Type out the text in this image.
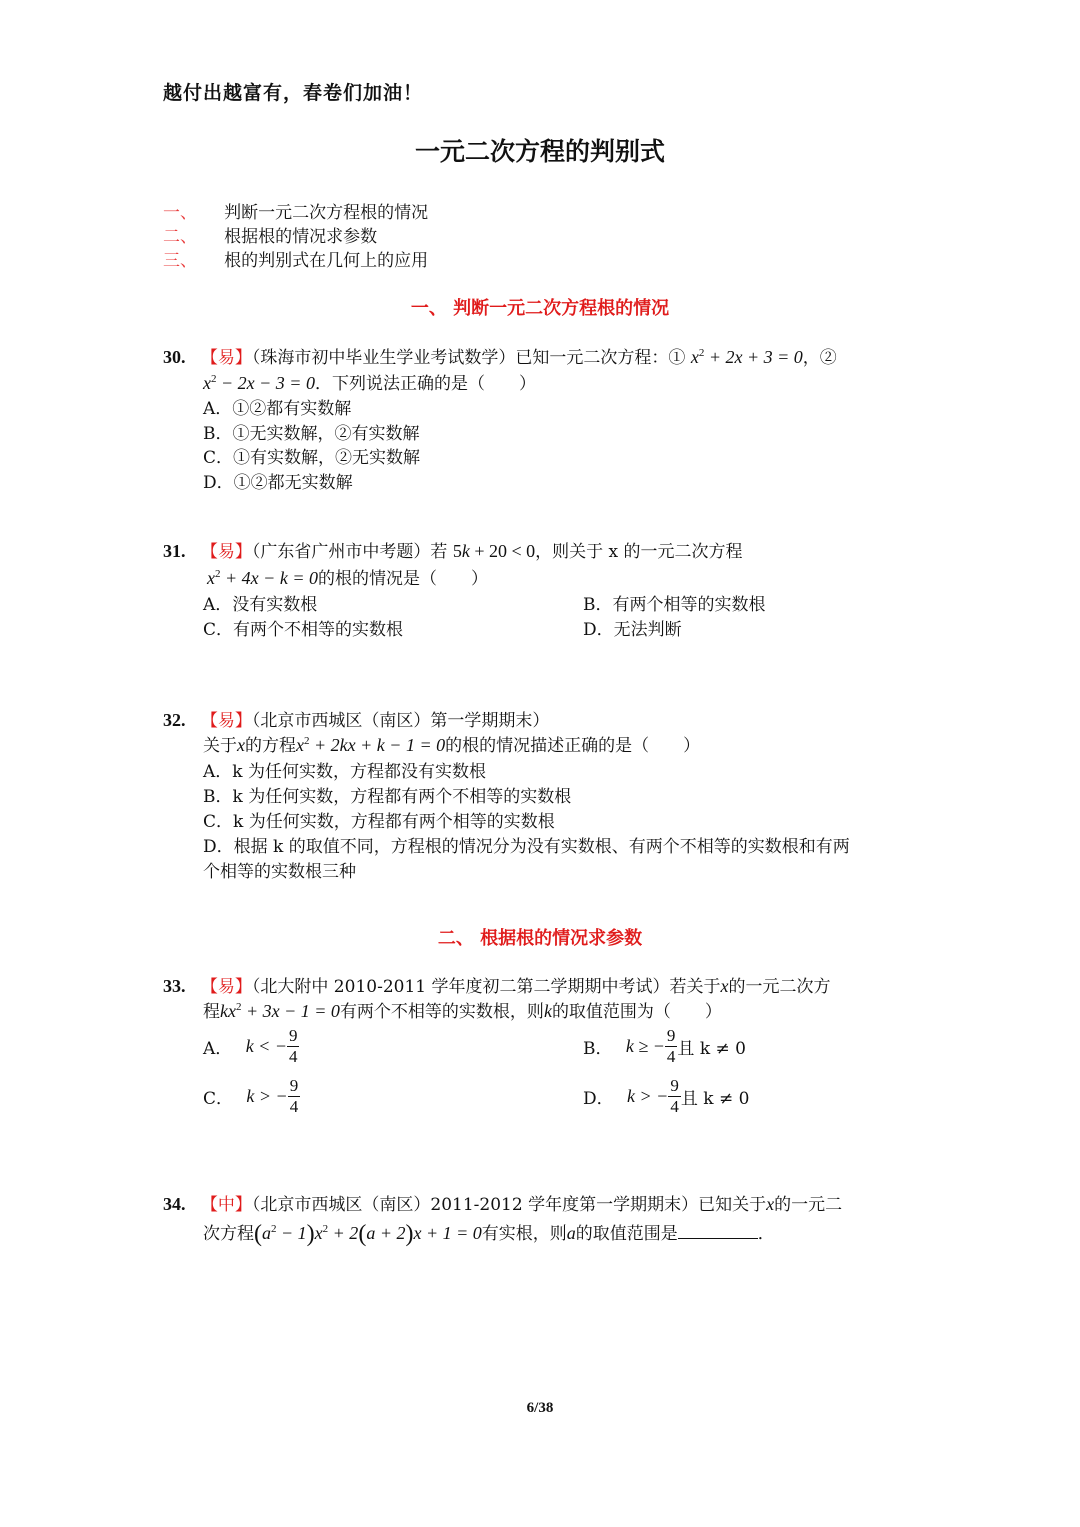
越付出越富有，春卷们加油！
一元二次方程的判别式
一、 判断一元二次方程根的情况
二、 根据根的情况求参数
三、 根的判别式在几何上的应用
一、 判断一元二次方程根的情况
30. 【易】（珠海市初中毕业生学业考试数学）已知一元二次方程：① $x^2 + 2x + 3 = 0$，②
$x^2 - 2x - 3 = 0$．下列说法正确的是（　　）
A．①②都有实数解
B．①无实数解，②有实数解
C．①有实数解，②无实数解
D．①②都无实数解
31. 【易】（广东省广州市中考题）若 5k + 20 < 0，则关于 x 的一元二次方程
$x^2 + 4x - k = 0$的根的情况是（　　）
A．没有实数根	B．有两个相等的实数根
C．有两个不相等的实数根	D．无法判断
32. 【易】（北京市西城区（南区）第一学期期末）
关于x的方程$x^2 + 2kx + k - 1 = 0$的根的情况描述正确的是（　　）
A．k 为任何实数，方程都没有实数根
B．k 为任何实数，方程都有两个不相等的实数根
C．k 为任何实数，方程都有两个相等的实数根
D．根据 k 的取值不同，方程根的情况分为没有实数根、有两个不相等的实数根和有两
个相等的实数根三种
二、 根据根的情况求参数
33. 【易】（北大附中 2010-2011 学年度初二第二学期期中考试）若关于x的一元二次方
程$kx^2 + 3x - 1 = 0$有两个不相等的实数根，则k的取值范围为（　　）
A． k < − $\frac{9}{4}$	B． k ≥ − $\frac{9}{4}$ 且 k ≠ 0
C． k > − $\frac{9}{4}$	D． k > − $\frac{9}{4}$ 且 k ≠ 0
34. 【中】（北京市西城区（南区）2011-2012 学年度第一学期期末）已知关于x的一元二
次方程$(a^2 - 1)x^2 + 2(a + 2)x + 1 = 0$有实根，则a的取值范围是	．
6/38
